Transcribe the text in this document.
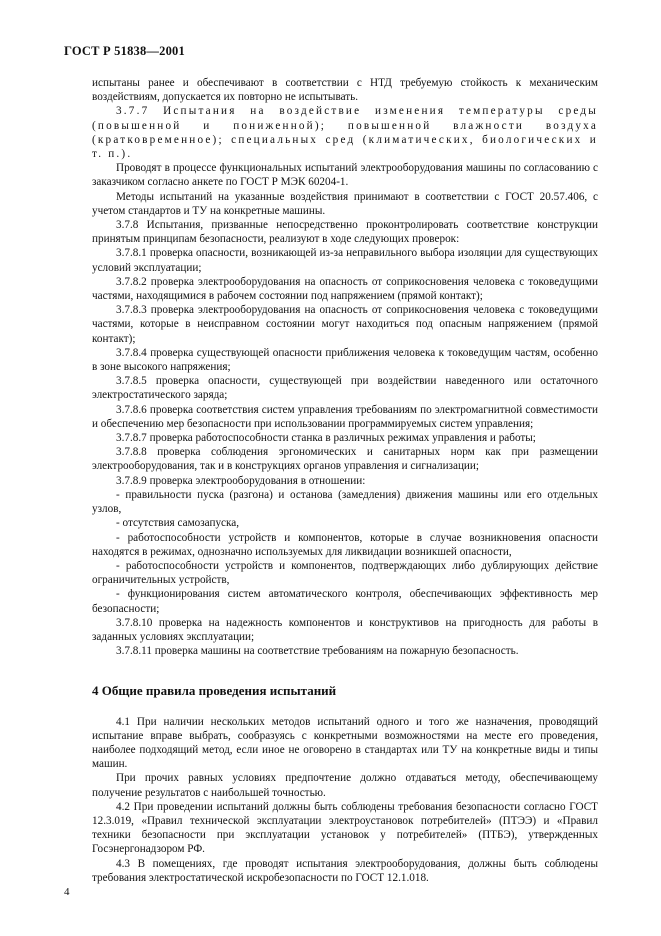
ГОСТ Р 51838—2001

испытаны ранее и обеспечивают в соответствии с НТД требуемую стойкость к механическим воздействиям, допускается их повторно не испытывать.

3.7.7 Испытания на воздействие изменения температуры среды (повышенной и пониженной); повышенной влажности воздуха (кратковременное); специальных сред (климатических, биологических и т. п.).

Проводят в процессе функциональных испытаний электрооборудования машины по согласованию с заказчиком согласно анкете по ГОСТ Р МЭК 60204-1.

Методы испытаний на указанные воздействия принимают в соответствии с ГОСТ 20.57.406, с учетом стандартов и ТУ на конкретные машины.

3.7.8 Испытания, призванные непосредственно проконтролировать соответствие конструкции принятым принципам безопасности, реализуют в ходе следующих проверок:

3.7.8.1 проверка опасности, возникающей из-за неправильного выбора изоляции для существующих условий эксплуатации;

3.7.8.2 проверка электрооборудования на опасность от соприкосновения человека с токоведущими частями, находящимися в рабочем состоянии под напряжением (прямой контакт);

3.7.8.3 проверка электрооборудования на опасность от соприкосновения человека с токоведущими частями, которые в неисправном состоянии могут находиться под опасным напряжением (прямой контакт);

3.7.8.4 проверка существующей опасности приближения человека к токоведущим частям, особенно в зоне высокого напряжения;

3.7.8.5 проверка опасности, существующей при воздействии наведенного или остаточного электростатического заряда;

3.7.8.6 проверка соответствия систем управления требованиям по электромагнитной совместимости и обеспечению мер безопасности при использовании программируемых систем управления;

3.7.8.7 проверка работоспособности станка в различных режимах управления и работы;

3.7.8.8 проверка соблюдения эргономических и санитарных норм как при размещении электрооборудования, так и в конструкциях органов управления и сигнализации;

3.7.8.9 проверка электрооборудования в отношении:

- правильности пуска (разгона) и останова (замедления) движения машины или его отдельных узлов,

- отсутствия самозапуска,

- работоспособности устройств и компонентов, которые в случае возникновения опасности находятся в режимах, однозначно используемых для ликвидации возникшей опасности,

- работоспособности устройств и компонентов, подтверждающих либо дублирующих действие ограничительных устройств,

- функционирования систем автоматического контроля, обеспечивающих эффективность мер безопасности;

3.7.8.10 проверка на надежность компонентов и конструктивов на пригодность для работы в заданных условиях эксплуатации;

3.7.8.11 проверка машины на соответствие требованиям на пожарную безопасность.

4 Общие правила проведения испытаний

4.1 При наличии нескольких методов испытаний одного и того же назначения, проводящий испытание вправе выбрать, сообразуясь с конкретными возможностями на месте его проведения, наиболее подходящий метод, если иное не оговорено в стандартах или ТУ на конкретные виды и типы машин.

При прочих равных условиях предпочтение должно отдаваться методу, обеспечивающему получение результатов с наибольшей точностью.

4.2 При проведении испытаний должны быть соблюдены требования безопасности согласно ГОСТ 12.3.019, «Правил технической эксплуатации электроустановок потребителей» (ПТЭЭ) и «Правил техники безопасности при эксплуатации установок у потребителей» (ПТБЭ), утвержденных Госэнергонадзором РФ.

4.3 В помещениях, где проводят испытания электрооборудования, должны быть соблюдены требования электростатической искробезопасности по ГОСТ 12.1.018.

4
